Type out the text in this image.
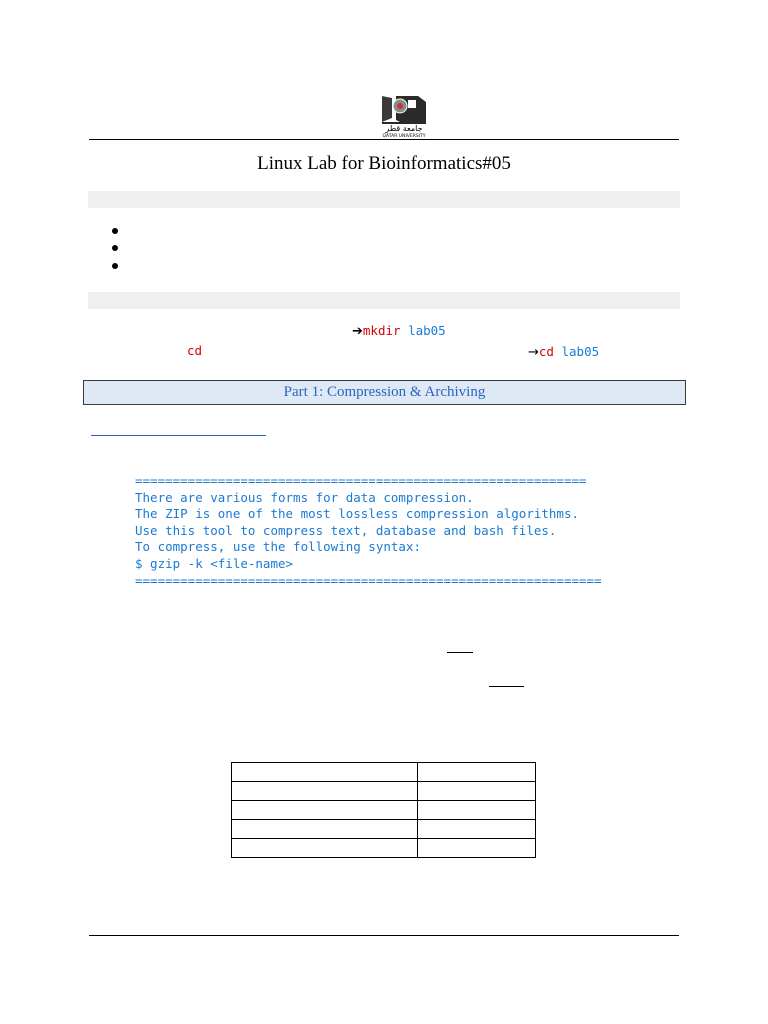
جامعة قطر
QATAR UNIVERSITY
Linux Lab for Bioinformatics#05
➔mkdir lab05
cd	→cd lab05
Part 1: Compression & Archiving
============================================================
There are various forms for data compression.
The ZIP is one of the most lossless compression algorithms.
Use this tool to compress text, database and bash files.
To compress, use the following syntax:
$ gzip -k <file-name>
==============================================================
